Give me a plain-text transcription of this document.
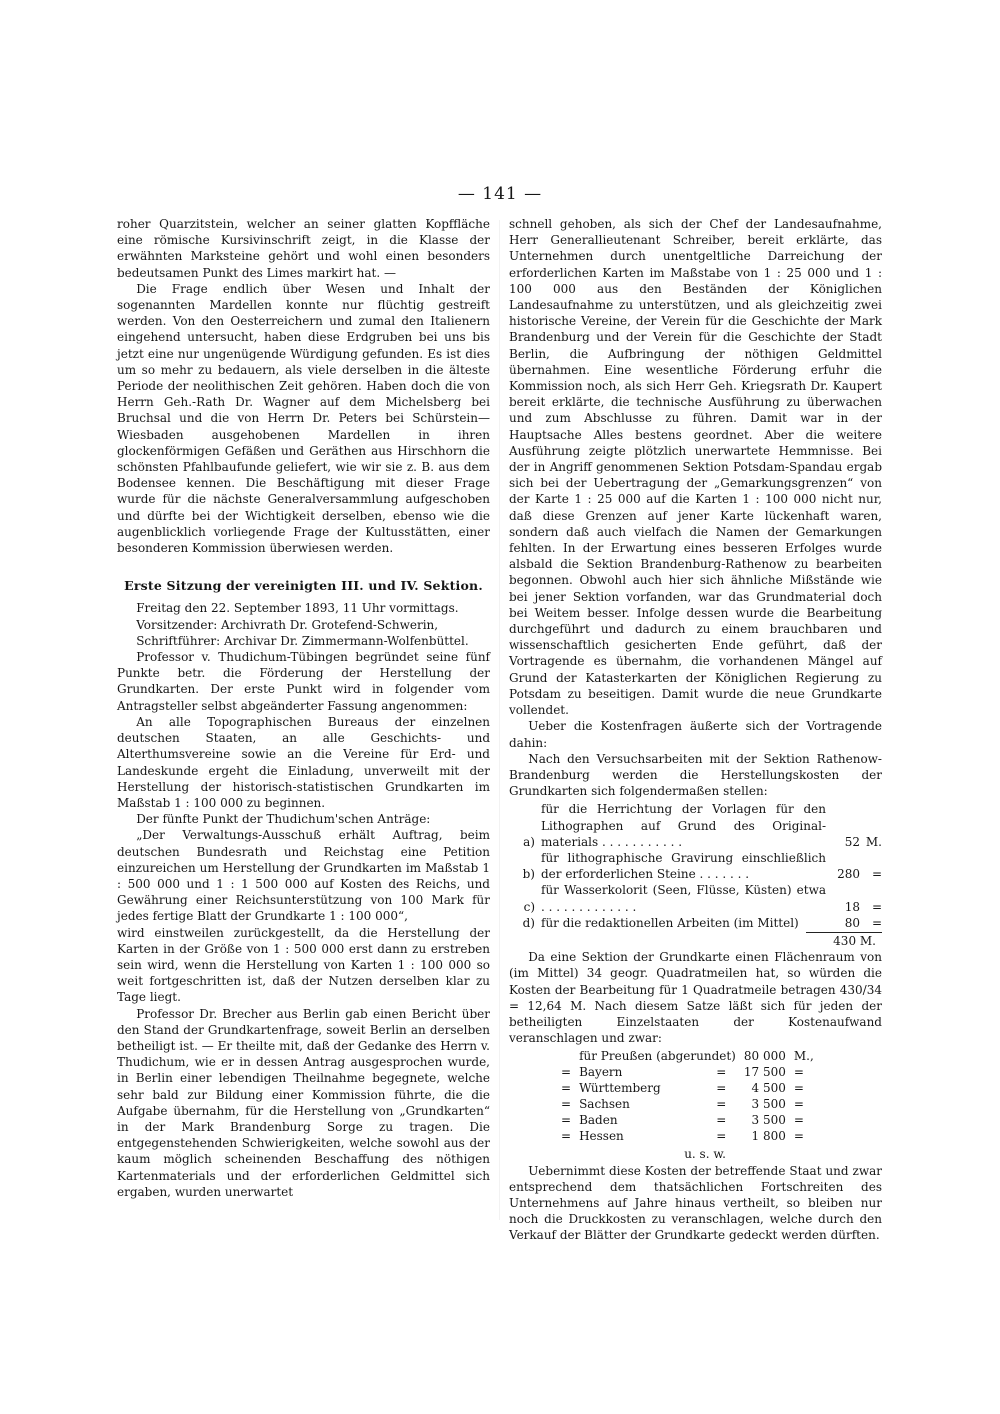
— 141 —

roher Quarzitstein, welcher an seiner glatten Kopffläche eine römische Kursivinschrift zeigt, in die Klasse der erwähnten Marksteine gehört und wohl einen besonders bedeutsamen Punkt des Limes markirt hat. —

Die Frage endlich über Wesen und Inhalt der sogenannten Mardellen konnte nur flüchtig gestreift werden. Von den Oesterreichern und zumal den Italienern eingehend untersucht, haben diese Erdgruben bei uns bis jetzt eine nur ungenügende Würdigung gefunden. Es ist dies um so mehr zu bedauern, als viele derselben in die älteste Periode der neolithischen Zeit gehören. Haben doch die von Herrn Geh.-Rath Dr. Wagner auf dem Michelsberg bei Bruchsal und die von Herrn Dr. Peters bei Schürstein—Wiesbaden ausgehobenen Mardellen in ihren glockenförmigen Gefäßen und Geräthen aus Hirschhorn die schönsten Pfahlbaufunde geliefert, wie wir sie z. B. aus dem Bodensee kennen. Die Beschäftigung mit dieser Frage wurde für die nächste Generalversammlung aufgeschoben und dürfte bei der Wichtigkeit derselben, ebenso wie die augenblicklich vorliegende Frage der Kultusstätten, einer besonderen Kommission überwiesen werden.

Erste Sitzung der vereinigten III. und IV. Sektion.

Freitag den 22. September 1893, 11 Uhr vormittags.

Vorsitzender: Archivrath Dr. Grotefend-Schwerin,

Schriftführer: Archivar Dr. Zimmermann-Wolfenbüttel.

Professor v. Thudichum-Tübingen begründet seine fünf Punkte betr. die Förderung der Herstellung der Grundkarten. Der erste Punkt wird in folgender vom Antragsteller selbst abgeänderter Fassung angenommen:

An alle Topographischen Bureaus der einzelnen deutschen Staaten, an alle Geschichts- und Alterthumsvereine sowie an die Vereine für Erd- und Landeskunde ergeht die Einladung, unverweilt mit der Herstellung der historisch-statistischen Grundkarten im Maßstab 1 : 100 000 zu beginnen.

Der fünfte Punkt der Thudichum'schen Anträge:

„Der Verwaltungs-Ausschuß erhält Auftrag, beim deutschen Bundesrath und Reichstag eine Petition einzureichen um Herstellung der Grundkarten im Maßstab 1 : 500 000 und 1 : 1 500 000 auf Kosten des Reichs, und Gewährung einer Reichsunterstützung von 100 Mark für jedes fertige Blatt der Grundkarte 1 : 100 000“,

wird einstweilen zurückgestellt, da die Herstellung der Karten in der Größe von 1 : 500 000 erst dann zu erstreben sein wird, wenn die Herstellung von Karten 1 : 100 000 so weit fortgeschritten ist, daß der Nutzen derselben klar zu Tage liegt.

Professor Dr. Brecher aus Berlin gab einen Bericht über den Stand der Grundkartenfrage, soweit Berlin an derselben betheiligt ist. — Er theilte mit, daß der Gedanke des Herrn v. Thudichum, wie er in dessen Antrag ausgesprochen wurde, in Berlin einer lebendigen Theilnahme begegnete, welche sehr bald zur Bildung einer Kommission führte, die die Aufgabe übernahm, für die Herstellung von „Grundkarten“ in der Mark Brandenburg Sorge zu tragen. Die entgegenstehenden Schwierigkeiten, welche sowohl aus der kaum möglich scheinenden Beschaffung des nöthigen Kartenmaterials und der erforderlichen Geldmittel sich ergaben, wurden unerwartet

schnell gehoben, als sich der Chef der Landesaufnahme, Herr Generallieutenant Schreiber, bereit erklärte, das Unternehmen durch unentgeltliche Darreichung der erforderlichen Karten im Maßstabe von 1 : 25 000 und 1 : 100 000 aus den Beständen der Königlichen Landesaufnahme zu unterstützen, und als gleichzeitig zwei historische Vereine, der Verein für die Geschichte der Mark Brandenburg und der Verein für die Geschichte der Stadt Berlin, die Aufbringung der nöthigen Geldmittel übernahmen. Eine wesentliche Förderung erfuhr die Kommission noch, als sich Herr Geh. Kriegsrath Dr. Kaupert bereit erklärte, die technische Ausführung zu überwachen und zum Abschlusse zu führen. Damit war in der Hauptsache Alles bestens geordnet. Aber die weitere Ausführung zeigte plötzlich unerwartete Hemmnisse. Bei der in Angriff genommenen Sektion Potsdam-Spandau ergab sich bei der Uebertragung der „Gemarkungsgrenzen“ von der Karte 1 : 25 000 auf die Karten 1 : 100 000 nicht nur, daß diese Grenzen auf jener Karte lückenhaft waren, sondern daß auch vielfach die Namen der Gemarkungen fehlten. In der Erwartung eines besseren Erfolges wurde alsbald die Sektion Brandenburg-Rathenow zu bearbeiten begonnen. Obwohl auch hier sich ähnliche Mißstände wie bei jener Sektion vorfanden, war das Grundmaterial doch bei Weitem besser. Infolge dessen wurde die Bearbeitung durchgeführt und dadurch zu einem brauchbaren und wissenschaftlich gesicherten Ende geführt, daß der Vortragende es übernahm, die vorhandenen Mängel auf Grund der Katasterkarten der Königlichen Regierung zu Potsdam zu beseitigen. Damit wurde die neue Grundkarte vollendet.

Ueber die Kostenfragen äußerte sich der Vortragende dahin:

Nach den Versuchsarbeiten mit der Sektion Rathenow-Brandenburg werden die Herstellungskosten der Grundkarten sich folgendermaßen stellen:

a)
für die Herrichtung der Vorlagen für den Lithographen auf Grund des Original-materials . . . . . . . . . . .	52 M.
b)
für lithographische Gravirung einschließlich der erforderlichen Steine . . . . . . .	280 =
c)
für Wasserkolorit (Seen, Flüsse, Küsten) etwa . . . . . . . . . . . . .	18 =
d) für die redaktionellen Arbeiten (im Mittel)	80 =
430 M.

Da eine Sektion der Grundkarte einen Flächenraum von (im Mittel) 34 geogr. Quadratmeilen hat, so würden die Kosten der Bearbeitung für 1 Quadratmeile betragen 430/34 = 12,64 M. Nach diesem Satze läßt sich für jeden der betheiligten Einzelstaaten der Kostenaufwand veranschlagen und zwar:

	für Preußen (abgerundet)		80 000	M.,
=	Bayern	=	17 500	=
=	Württemberg	=	4 500	=
=	Sachsen	=	3 500	=
=	Baden	=	3 500	=
=	Hessen	=	1 800	=

u. s. w.

Uebernimmt diese Kosten der betreffende Staat und zwar entsprechend dem thatsächlichen Fortschreiten des Unternehmens auf Jahre hinaus vertheilt, so bleiben nur noch die Druckkosten zu veranschlagen, welche durch den Verkauf der Blätter der Grundkarte gedeckt werden dürften.
